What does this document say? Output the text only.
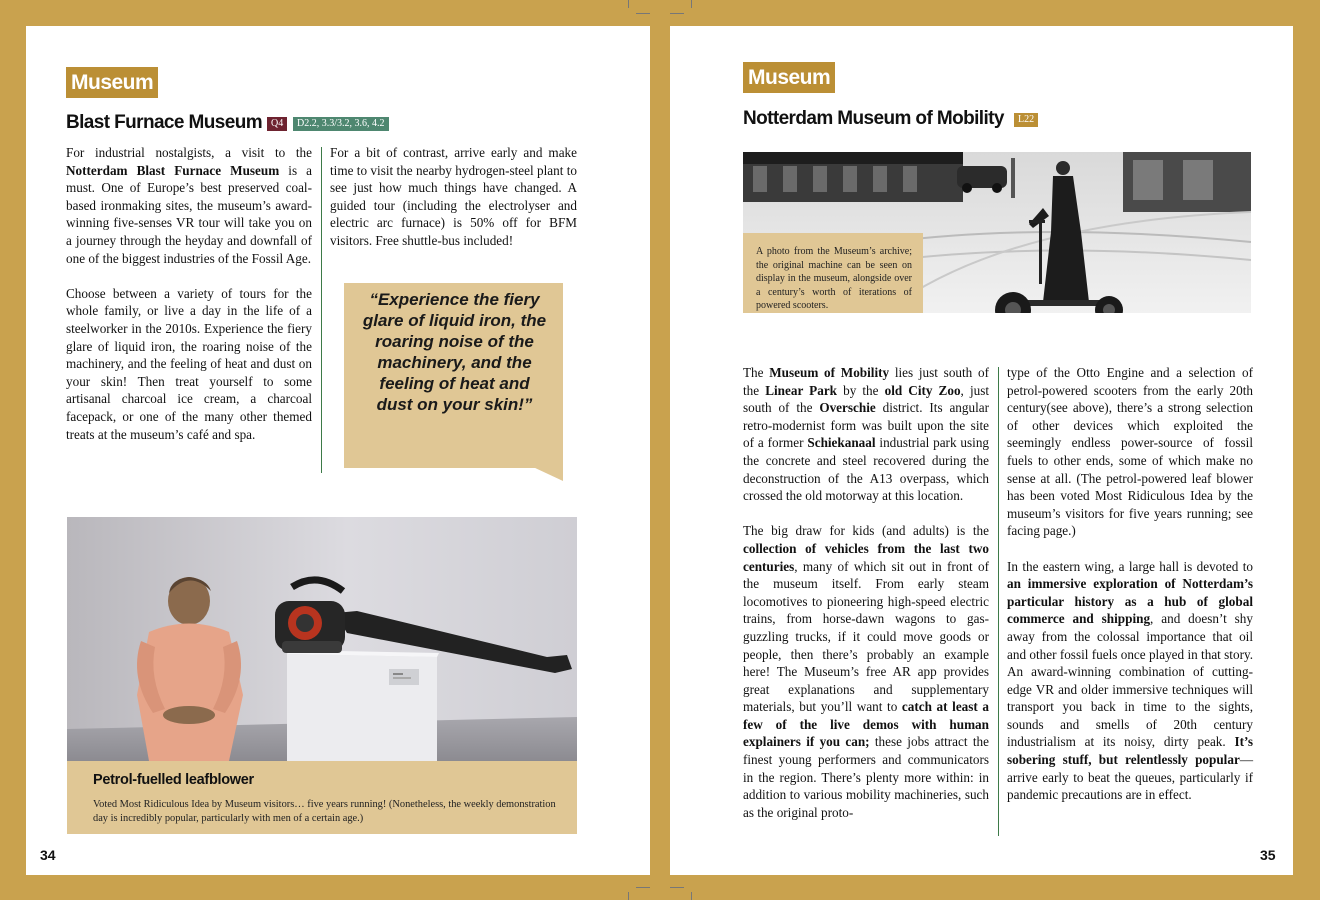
Museum
Blast Furnace Museum Q4	D2.2, 3.3/3.2, 3.6, 4.2

For industrial nostalgists, a visit to the Notterdam Blast Furnace Museum is a must. One of Europe’s best preserved coal-based ironmaking sites, the museum’s award-winning five-senses VR tour will take you on a journey through the heyday and downfall of one of the biggest industries of the Fossil Age.

Choose between a variety of tours for the whole family, or live a day in the life of a steelworker in the 2010s. Experience the fiery glare of liquid iron, the roaring noise of the machinery, and the feeling of heat and dust on your skin! Then treat yourself to some artisanal charcoal ice cream, a charcoal facepack, or one of the many other themed treats at the museum’s café and spa.

For a bit of contrast, arrive early and make time to visit the nearby hydrogen-steel plant to see just how much things have changed. A guided tour (including the electrolyser and electric arc furnace) is 50% off for BFM visitors. Free shuttle-bus included!

“Experience the fiery glare of liquid iron, the roaring noise of the machinery, and the feeling of heat and dust on your skin!”
Petrol-fuelled leafblower
Voted Most Ridiculous Idea by Museum visitors… five years running! (Nonetheless, the weekly demonstration day is incredibly popular, particularly with men of a certain age.)
34
Museum
Notterdam Museum of Mobility	L22
A photo from the Museum’s archive; the original machine can be seen on display in the museum, alongside over a century’s worth of iterations of powered scooters.

The Museum of Mobility lies just south of the Linear Park by the old City Zoo, just south of the Overschie district. Its angular retro-modernist form was built upon the site of a former Schiekanaal industrial park using the concrete and steel recovered during the deconstruction of the A13 overpass, which crossed the old motorway at this location.

The big draw for kids (and adults) is the collection of vehicles from the last two centuries, many of which sit out in front of the museum itself. From early steam locomotives to pioneering high-speed electric trains, from horse-dawn wagons to gas-guzzling trucks, if it could move goods or people, then there’s probably an example here! The Museum’s free AR app provides great explanations and supplementary materials, but you’ll want to catch at least a few of the live demos with human explainers if you can; these jobs attract the finest young performers and communicators in the region. There’s plenty more within: in addition to various mobility machineries, such as the original proto-

type of the Otto Engine and a selection of petrol-powered scooters from the early 20th century(see above), there’s a strong selection of other devices which exploited the seemingly endless power-source of fossil fuels to other ends, some of which make no sense at all. (The petrol-powered leaf blower has been voted Most Ridiculous Idea by the museum’s visitors for five years running; see facing page.)

In the eastern wing, a large hall is devoted to an immersive exploration of Notterdam’s particular history as a hub of global commerce and shipping, and doesn’t shy away from the colossal importance that oil and other fossil fuels once played in that story. An award-winning combination of cutting-edge VR and older immersive techniques will transport you back in time to the sights, sounds and smells of 20th century industrialism at its noisy, dirty peak. It’s sobering stuff, but relentlessly popular—arrive early to beat the queues, particularly if pandemic precautions are in effect.

35
